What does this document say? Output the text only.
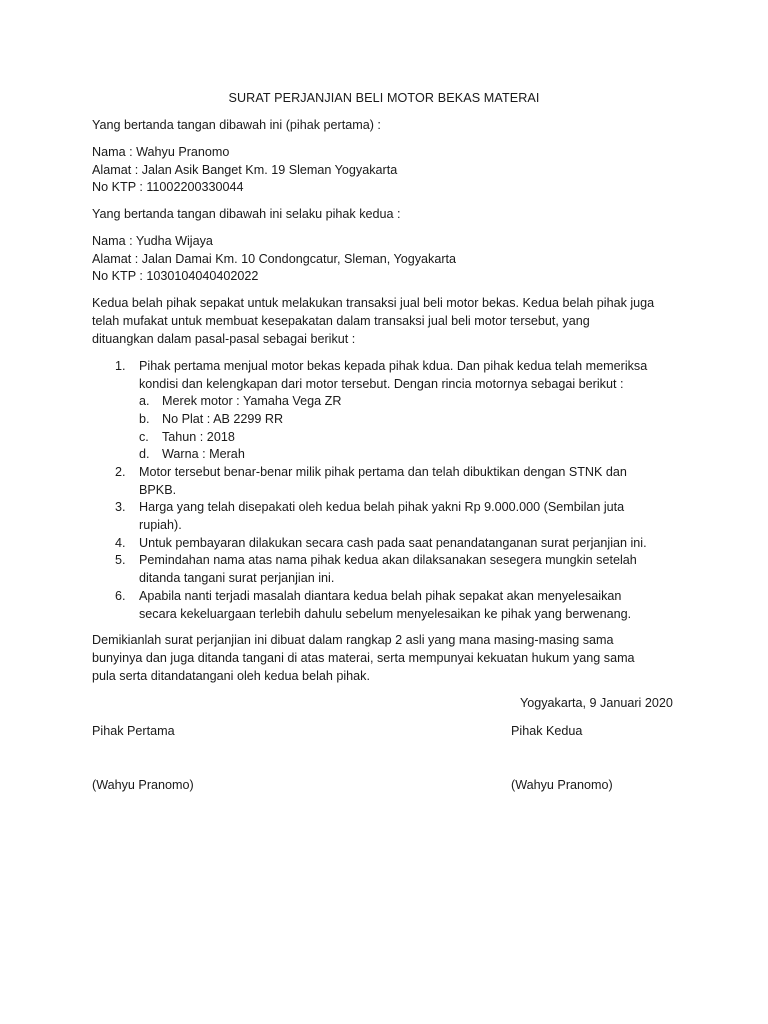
SURAT PERJANJIAN BELI MOTOR BEKAS MATERAI
Yang bertanda tangan dibawah ini (pihak pertama) :
Nama : Wahyu Pranomo
Alamat : Jalan Asik Banget Km. 19 Sleman Yogyakarta
No KTP : 11002200330044
Yang bertanda tangan dibawah ini selaku pihak kedua :
Nama : Yudha Wijaya
Alamat : Jalan Damai Km. 10 Condongcatur, Sleman, Yogyakarta
No KTP : 1030104040402022
Kedua belah pihak sepakat untuk melakukan transaksi jual beli motor bekas. Kedua belah pihak juga
telah mufakat untuk membuat kesepakatan dalam transaksi jual beli motor tersebut, yang
dituangkan dalam pasal-pasal sebagai berikut :
1. Pihak pertama menjual motor bekas kepada pihak kdua. Dan pihak kedua telah memeriksa
kondisi dan kelengkapan dari motor tersebut. Dengan rincia motornya sebagai berikut :
a. Merek motor : Yamaha Vega ZR
b. No Plat : AB 2299 RR
c. Tahun : 2018
d. Warna : Merah
2. Motor tersebut benar-benar milik pihak pertama dan telah dibuktikan dengan STNK dan
BPKB.
3. Harga yang telah disepakati oleh kedua belah pihak yakni Rp 9.000.000 (Sembilan juta
rupiah).
4. Untuk pembayaran dilakukan secara cash pada saat penandatanganan surat perjanjian ini.
5. Pemindahan nama atas nama pihak kedua akan dilaksanakan sesegera mungkin setelah
ditanda tangani surat perjanjian ini.
6. Apabila nanti terjadi masalah diantara kedua belah pihak sepakat akan menyelesaikan
secara kekeluargaan terlebih dahulu sebelum menyelesaikan ke pihak yang berwenang.
Demikianlah surat perjanjian ini dibuat dalam rangkap 2 asli yang mana masing-masing sama
bunyinya dan juga ditanda tangani di atas materai, serta mempunyai kekuatan hukum yang sama
pula serta ditandatangani oleh kedua belah pihak.
Yogyakarta, 9 Januari 2020
Pihak Pertama	Pihak Kedua
(Wahyu Pranomo)	(Wahyu Pranomo)
